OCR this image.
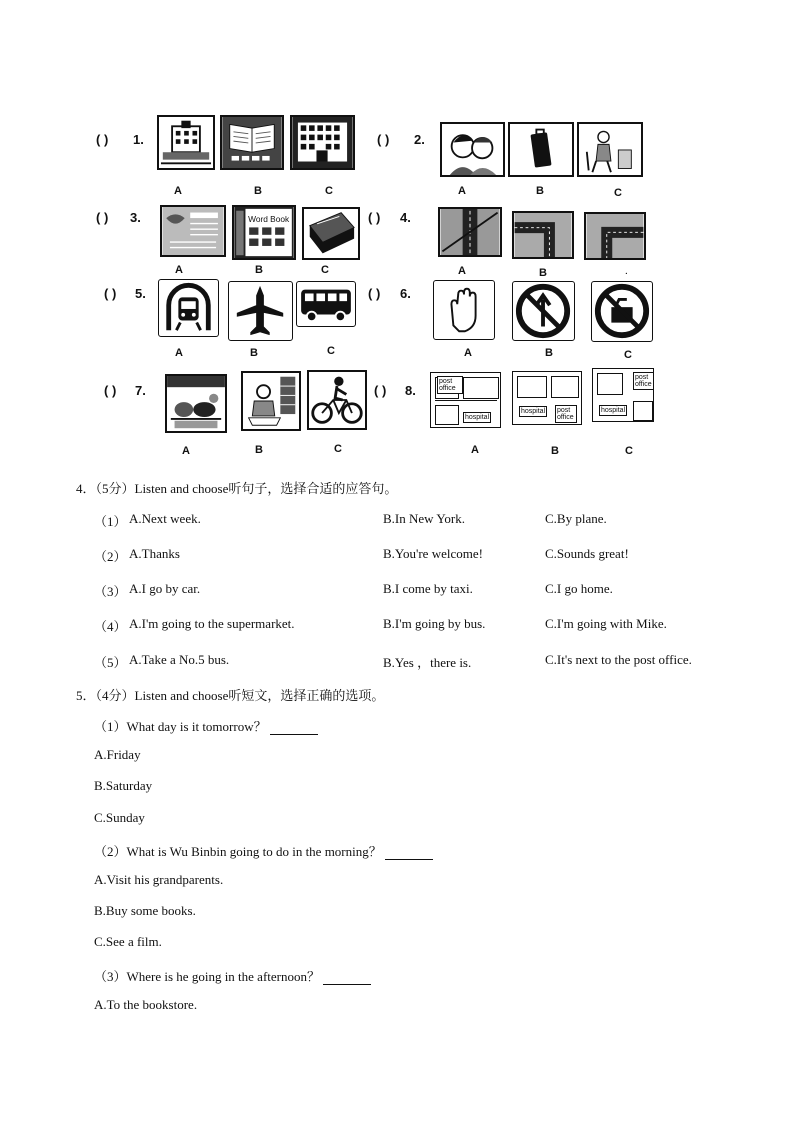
( ) 1.
A	B	C
( ) 2.
A	B	C
( ) 3.	Word Book
A	B	C
( ) 4.
A	B	.
( ) 5.
A	B	C
( ) 6.
A	B	C
( ) 7.
A	B	C
( ) 8.
post office
hospital
hospital post office
post office
hospital
A	B	C
4．（5分）Listen and choose听句子，选择合适的应答句。
（1） A.Next week.	B.In New York.	C.By plane.
（2） A.Thanks	B.You're welcome!	C.Sounds great!
（3） A.I go by car.	B.I come by taxi.	C.I go home.
（4） A.I'm going to the supermarket.	B.I'm going by bus.	C.I'm going with Mike.
（5） A.Take a No.5 bus.	B.Yes ，there is.	C.It's next to the post office.
5．（4分）Listen and choose听短文，选择正确的选项。
（1）What day is it tomorrow？
A.Friday
B.Saturday
C.Sunday
（2）What is Wu Binbin going to do in the morning？
A.Visit his grandparents.
B.Buy some books.
C.See a film.
（3）Where is he going in the afternoon？
A.To the bookstore.
